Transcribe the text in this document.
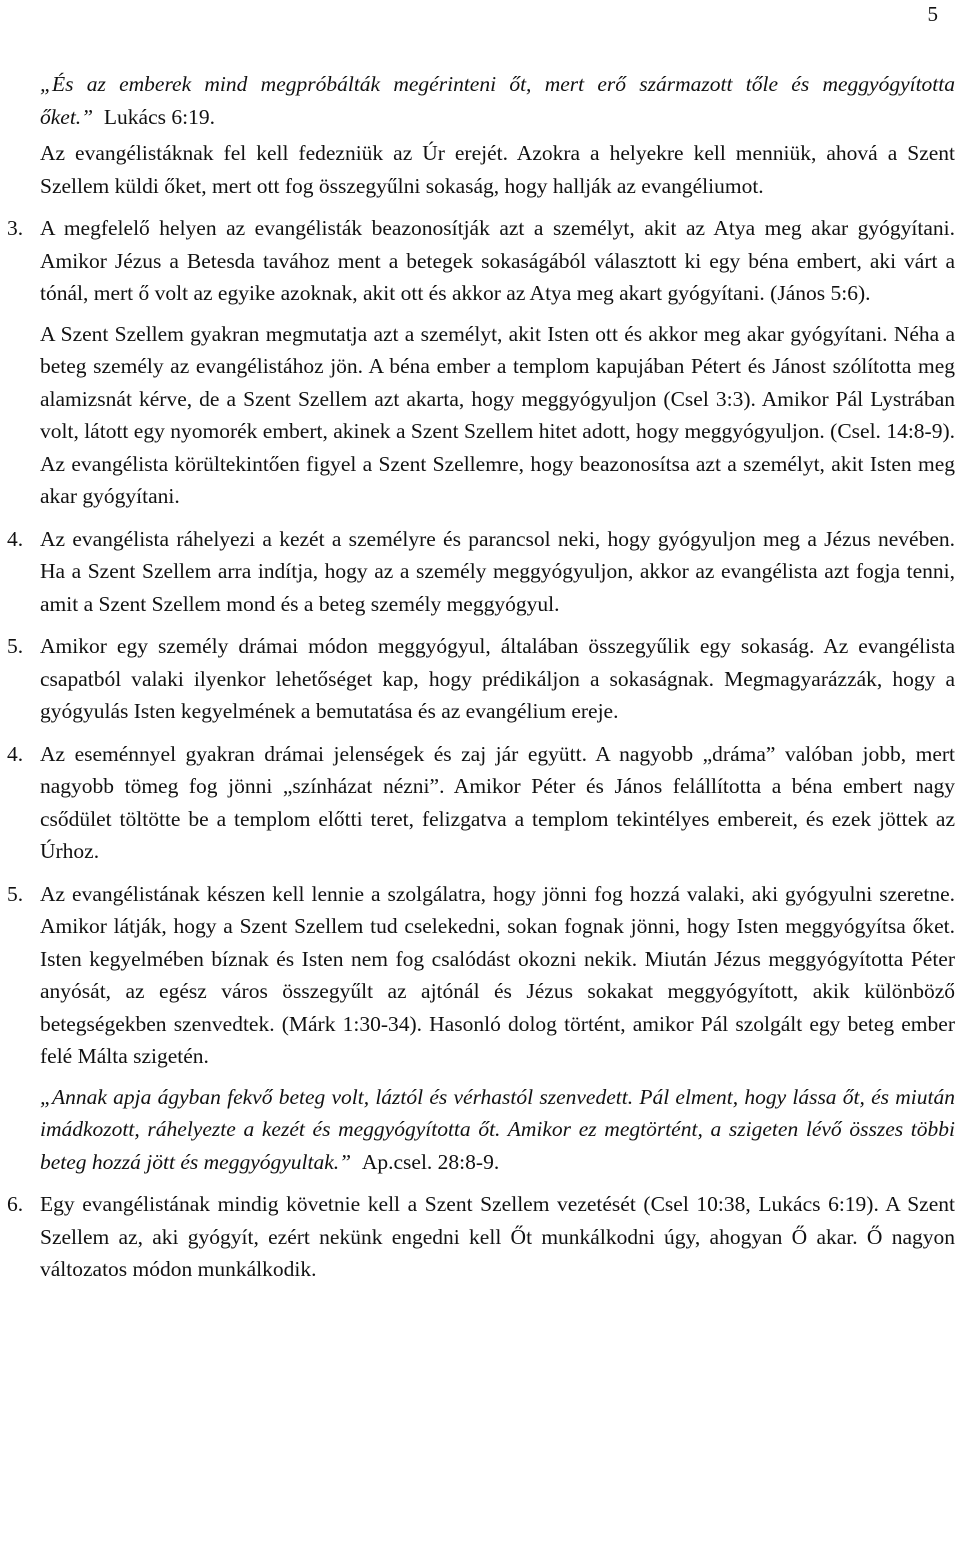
5

„És az emberek mind megpróbálták megérinteni őt, mert erő származott tőle és meggyógyította őket.” Lukács 6:19.

Az evangélistáknak fel kell fedezniük az Úr erejét. Azokra a helyekre kell menniük, ahová a Szent Szellem küldi őket, mert ott fog összegyűlni sokaság, hogy hallják az evangéliumot.

3. A megfelelő helyen az evangélisták beazonosítják azt a személyt, akit az Atya meg akar gyógyítani. Amikor Jézus a Betesda tavához ment a betegek sokaságából választott ki egy béna embert, aki várt a tónál, mert ő volt az egyike azoknak, akit ott és akkor az Atya meg akart gyógyítani. (János 5:6).

A Szent Szellem gyakran megmutatja azt a személyt, akit Isten ott és akkor meg akar gyógyítani. Néha a beteg személy az evangélistához jön. A béna ember a templom kapujában Pétert és Jánost szólította meg alamizsnát kérve, de a Szent Szellem azt akarta, hogy meggyógyuljon (Csel 3:3). Amikor Pál Lystrában volt, látott egy nyomorék embert, akinek a Szent Szellem hitet adott, hogy meggyógyuljon. (Csel. 14:8-9). Az evangélista körültekintően figyel a Szent Szellemre, hogy beazonosítsa azt a személyt, akit Isten meg akar gyógyítani.

4. Az evangélista ráhelyezi a kezét a személyre és parancsol neki, hogy gyógyuljon meg a Jézus nevében. Ha a Szent Szellem arra indítja, hogy az a személy meggyógyuljon, akkor az evangélista azt fogja tenni, amit a Szent Szellem mond és a beteg személy meggyógyul.

5. Amikor egy személy drámai módon meggyógyul, általában összegyűlik egy sokaság. Az evangélista csapatból valaki ilyenkor lehetőséget kap, hogy prédikáljon a sokaságnak. Megmagyarázzák, hogy a gyógyulás Isten kegyelmének a bemutatása és az evangélium ereje.

4. Az eseménnyel gyakran drámai jelenségek és zaj jár együtt. A nagyobb „dráma” valóban jobb, mert nagyobb tömeg fog jönni „színházat nézni”. Amikor Péter és János felállította a béna embert nagy csődület töltötte be a templom előtti teret, felizgatva a templom tekintélyes embereit, és ezek jöttek az Úrhoz.

5. Az evangélistának készen kell lennie a szolgálatra, hogy jönni fog hozzá valaki, aki gyógyulni szeretne. Amikor látják, hogy a Szent Szellem tud cselekedni, sokan fognak jönni, hogy Isten meggyógyítsa őket. Isten kegyelmében bíznak és Isten nem fog csalódást okozni nekik. Miután Jézus meggyógyította Péter anyósát, az egész város összegyűlt az ajtónál és Jézus sokakat meggyógyított, akik különböző betegségekben szenvedtek. (Márk 1:30-34). Hasonló dolog történt, amikor Pál szolgált egy beteg ember felé Málta szigetén.

„Annak apja ágyban fekvő beteg volt, láztól és vérhastól szenvedett. Pál elment, hogy lássa őt, és miután imádkozott, ráhelyezte a kezét és meggyógyította őt. Amikor ez megtörtént, a szigeten lévő összes többi beteg hozzá jött és meggyógyultak.” Ap.csel. 28:8-9.

6. Egy evangélistának mindig követnie kell a Szent Szellem vezetését (Csel 10:38, Lukács 6:19). A Szent Szellem az, aki gyógyít, ezért nekünk engedni kell Őt munkálkodni úgy, ahogyan Ő akar. Ő nagyon változatos módon munkálkodik.
